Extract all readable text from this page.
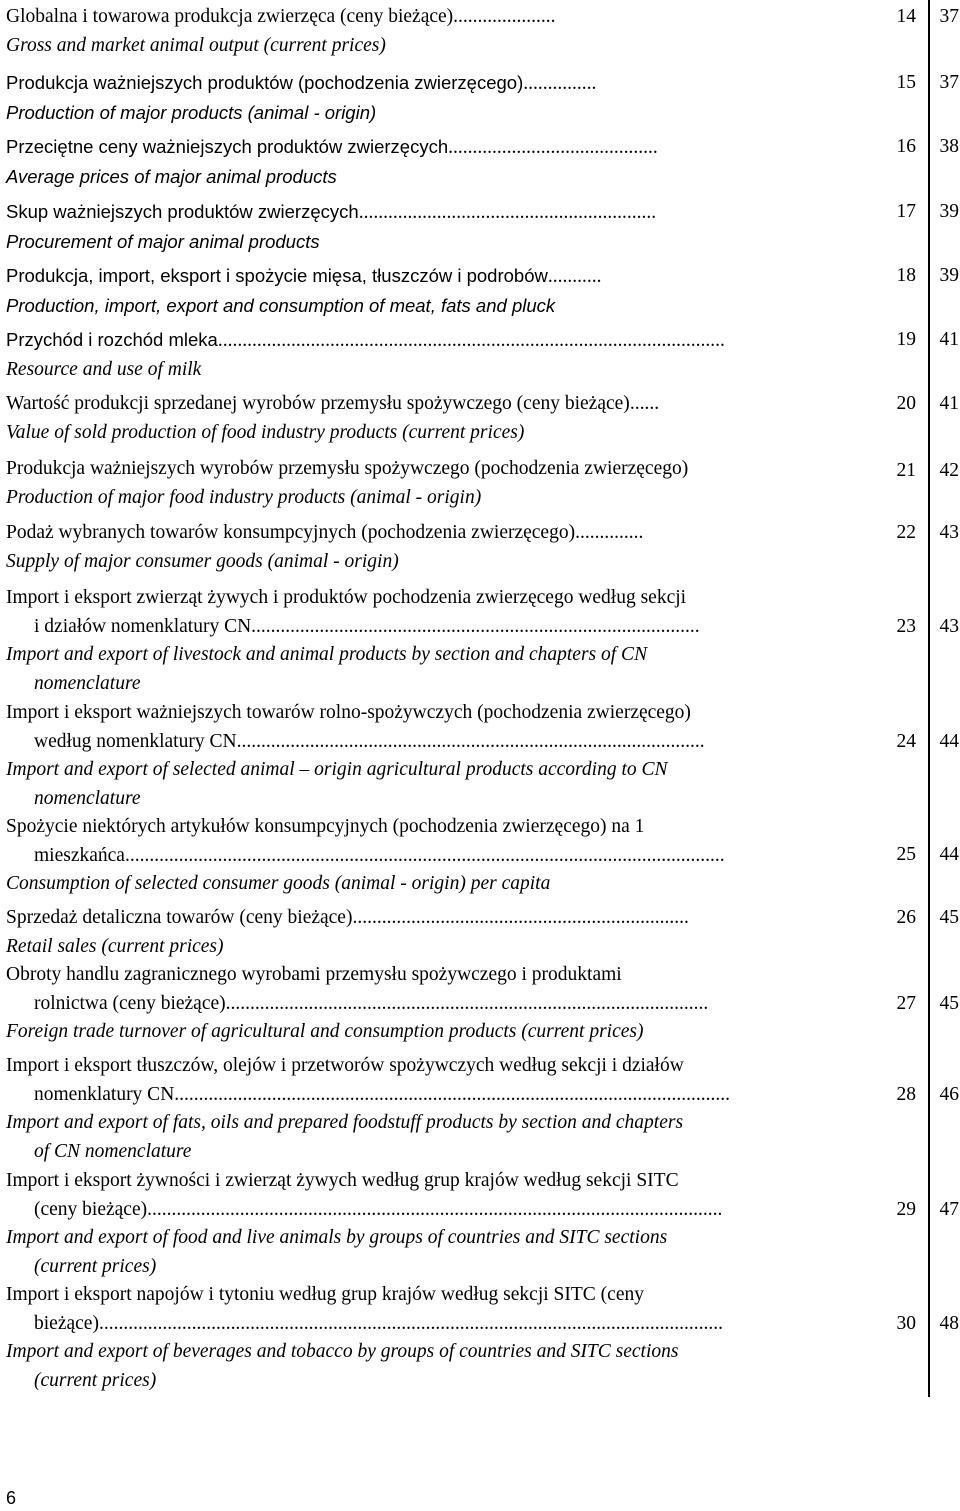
Globalna i towarowa produkcja zwierzęca (ceny bieżące).....................
Gross and market animal output (current prices)
14	37
Produkcja ważniejszych produktów (pochodzenia zwierzęcego)...............
Production of major products (animal - origin)
15	37
Przeciętne ceny ważniejszych produktów zwierzęcych...........................................
Average prices of major animal products
16	38
Skup ważniejszych produktów zwierzęcych.............................................................
Procurement of major animal products
17	39
Produkcja, import, eksport i spożycie mięsa, tłuszczów i podrobów...........
Production, import, export and consumption of meat, fats and pluck
18	39
Przychód i rozchód mleka........................................................................................................
Resource and use of milk
19	41
Wartość produkcji sprzedanej wyrobów przemysłu spożywczego (ceny bieżące)......
Value of sold production of food industry products (current prices)
20	41
Produkcja ważniejszych wyrobów przemysłu spożywczego (pochodzenia zwierzęcego)
Production of major food industry products (animal - origin)
21	42
Podaż wybranych towarów konsumpcyjnych (pochodzenia zwierzęcego)..............
Supply of major consumer goods (animal - origin)
22	43
Import i eksport zwierząt żywych i produktów pochodzenia zwierzęcego według sekcji
i działów nomenklatury CN............................................................................................
Import and export of livestock and animal products by section and chapters of CN
nomenclature
23	43
Import i eksport ważniejszych towarów rolno-spożywczych (pochodzenia zwierzęcego)
według nomenklatury CN................................................................................................
Import and export of selected animal – origin agricultural products according to CN
nomenclature
24	44
Spożycie niektórych artykułów konsumpcyjnych (pochodzenia zwierzęcego) na 1
mieszkańca...........................................................................................................................
Consumption of selected consumer goods (animal - origin) per capita
25	44
Sprzedaż detaliczna towarów (ceny bieżące).....................................................................
Retail sales (current prices)
26	45
Obroty handlu zagranicznego wyrobami przemysłu spożywczego i produktami
rolnictwa (ceny bieżące)...................................................................................................
Foreign trade turnover of agricultural and consumption products (current prices)
27	45
Import i eksport tłuszczów, olejów i przetworów spożywczych według sekcji i działów
nomenklatury CN..................................................................................................................
Import and export of fats, oils and prepared foodstuff products by section and chapters
of CN nomenclature
28	46
Import i eksport żywności i zwierząt żywych według grup krajów według sekcji SITC
(ceny bieżące)......................................................................................................................
Import and export of food and live animals by groups of countries and SITC sections
(current prices)
29	47
Import i eksport napojów i tytoniu według grup krajów według sekcji SITC (ceny
bieżące)................................................................................................................................
Import and export of beverages and tobacco by groups of countries and SITC sections
(current prices)
30	48
6
